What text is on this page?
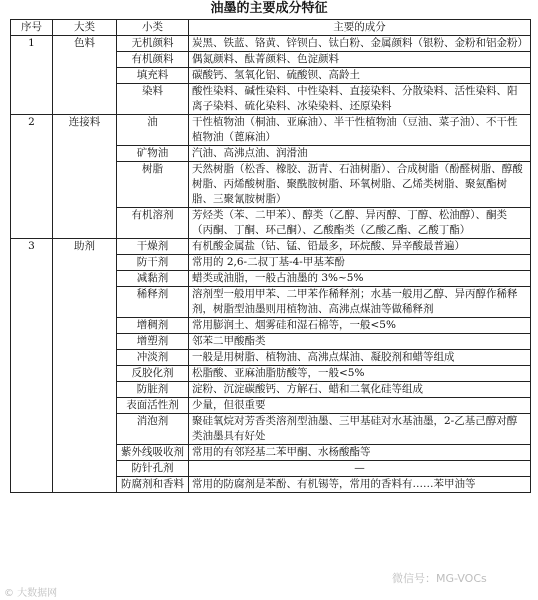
油墨的主要成分特征
序号	大类	小类	主要的成分
1	色料	无机颜料	炭黑、铁蓝、铬黄、锌钡白、钛白粉、金属颜料（银粉、金粉和铝金粉）
		有机颜料	偶氮颜料、酞菁颜料、色淀颜料
		填充料	碳酸钙、氢氧化铝、硫酸钡、高龄土
		染料	酸性染料、碱性染料、中性染料、直接染料、分散染料、活性染料、阳离子染料、硫化染料、冰染染料、还原染料
2	连接料	油	干性植物油（桐油、亚麻油）、半干性植物油（豆油、菜子油）、不干性植物油（蓖麻油）
		矿物油	汽油、高沸点油、润滑油
		树脂	天然树脂（松香、橡胶、沥青、石油树脂）、合成树脂（酚醛树脂、醇酸树脂、丙烯酸树脂、聚酰胺树脂、环氧树脂、乙烯类树脂、聚氨酯树脂、三聚氰胺树脂）
		有机溶剂	芳烃类（苯、二甲苯）、醇类（乙醇、异丙醇、丁醇、松油醇）、酮类（丙酮、丁酮、环己酮）、乙酸酯类（乙酸乙酯、乙酸丁酯）
3	助剂	干燥剂	有机酸金属盐（钴、锰、铅最多，环烷酸、异辛酸最普遍）
		防干剂	常用的 2,6-二叔丁基-4-甲基苯酚
		减黏剂	蜡类或油脂，一般占油墨的 3%~5%
		稀释剂	溶剂型一般用甲苯、二甲苯作稀释剂；水基一般用乙醇、异丙醇作稀释剂，树脂型油墨则用植物油、高沸点煤油等做稀释剂
		增稠剂	常用膨润土、烟雾硅和湿石棉等，一般<5%
		增塑剂	邻苯二甲酸酯类
		冲淡剂	一般是用树脂、植物油、高沸点煤油、凝胶剂和蜡等组成
		反胶化剂	松脂酸、亚麻油脂肪酸等，一般<5%
		防脏剂	淀粉、沉淀碳酸钙、方解石、蜡和二氧化硅等组成
		表面活性剂	少量，但很重要
		消泡剂	聚硅氧烷对芳香类溶剂型油墨、三甲基硅对水基油墨，2-乙基己醇对醇类油墨具有好处
		紫外线吸收剂	常用的有邻羟基二苯甲酮、水杨酸酯等
		防针孔剂	—
		防腐剂和香料	常用的防腐剂是苯酚、有机锡等，常用的香料有……苯甲油等
© 大数据网
微信号：MG-VOCs
